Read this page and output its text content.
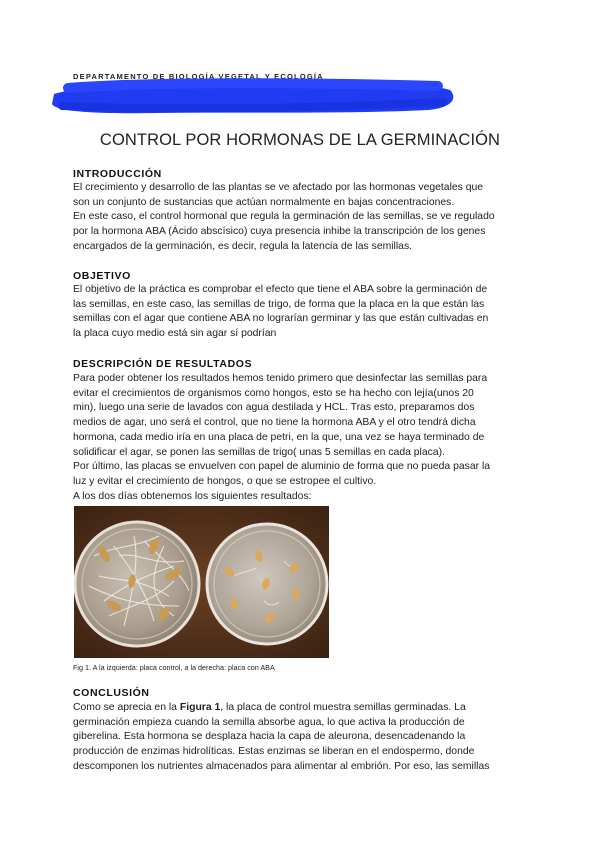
DEPARTAMENTO DE BIOLOGÍA VEGETAL Y ECOLOGÍA
CONTROL POR HORMONAS DE LA GERMINACIÓN
INTRODUCCIÓN
El crecimiento y desarrollo de las plantas se ve afectado por las hormonas vegetales que
son un conjunto de sustancias que actúan normalmente en bajas concentraciones.
En este caso, el control hormonal que regula la germinación de las semillas, se ve regulado
por la hormona ABA (Ácido abscísico) cuya presencia inhibe la transcripción de los genes
encargados de la germinación, es decir, regula la latencia de las semillas.
OBJETIVO
El objetivo de la práctica es comprobar el efecto que tiene el ABA sobre la germinación de
las semillas, en este caso, las semillas de trigo, de forma que la placa en la que están las
semillas con el agar que contiene ABA no lograrían germinar y las que están cultivadas en
la placa cuyo medio está sin agar sí podrían
DESCRIPCIÓN DE RESULTADOS
Para poder obtener los resultados hemos tenido primero que desinfectar las semillas para
evitar el crecimientos de organismos como hongos, esto se ha hecho con lejía(unos 20
min), luego una serie de lavados con agua destilada y HCL. Tras esto, preparamos dos
medios de agar, uno será el control, que no tiene la hormona ABA y el otro tendrá dicha
hormona, cada medio iría en una placa de petri, en la que, una vez se haya terminado de
solidificar el agar, se ponen las semillas de trigo( unas 5 semillas en cada placa).
Por último, las placas se envuelven con papel de aluminio de forma que no pueda pasar la
luz y evitar el crecimiento de hongos, o que se estropee el cultivo.
A los dos días obtenemos los siguientes resultados:
Fig 1. A la izquierda: placa control, a la derecha: placa con ABA
CONCLUSIÓN
Como se aprecia en la Figura 1, la placa de control muestra semillas germinadas. La
germinación empieza cuando la semilla absorbe agua, lo que activa la producción de
giberelina. Esta hormona se desplaza hacia la capa de aleurona, desencadenando la
producción de enzimas hidrolíticas. Estas enzimas se liberan en el endospermo, donde
descomponen los nutrientes almacenados para alimentar al embrión. Por eso, las semillas
